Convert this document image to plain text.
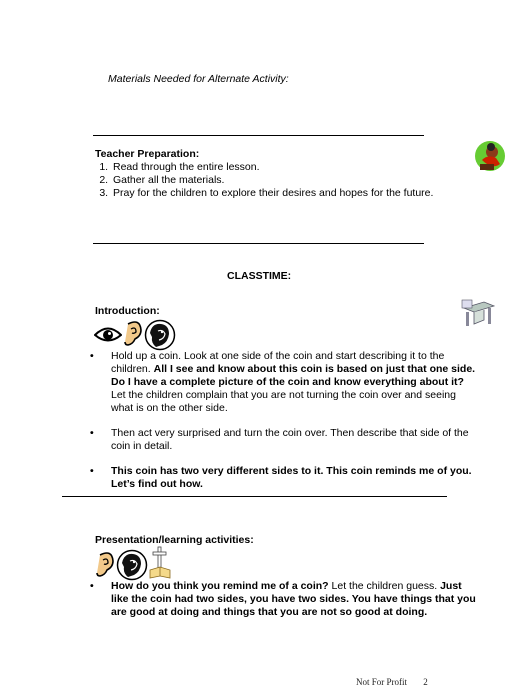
Materials Needed for Alternate Activity:
Teacher Preparation:
1. Read through the entire lesson.
2. Gather all the materials.
3. Pray for the children to explore their desires and hopes for the future.
CLASSTIME:
Introduction:
• Hold up a coin. Look at one side of the coin and start describing it to the children. All I see and know about this coin is based on just that one side. Do I have a complete picture of the coin and know everything about it? Let the children complain that you are not turning the coin over and seeing what is on the other side.
• Then act very surprised and turn the coin over. Then describe that side of the coin in detail.
• This coin has two very different sides to it. This coin reminds me of you. Let’s find out how.
Presentation/learning activities:
• How do you think you remind me of a coin? Let the children guess. Just like the coin had two sides, you have two sides. You have things that you are good at doing and things that you are not so good at doing.
Not For Profit 2
